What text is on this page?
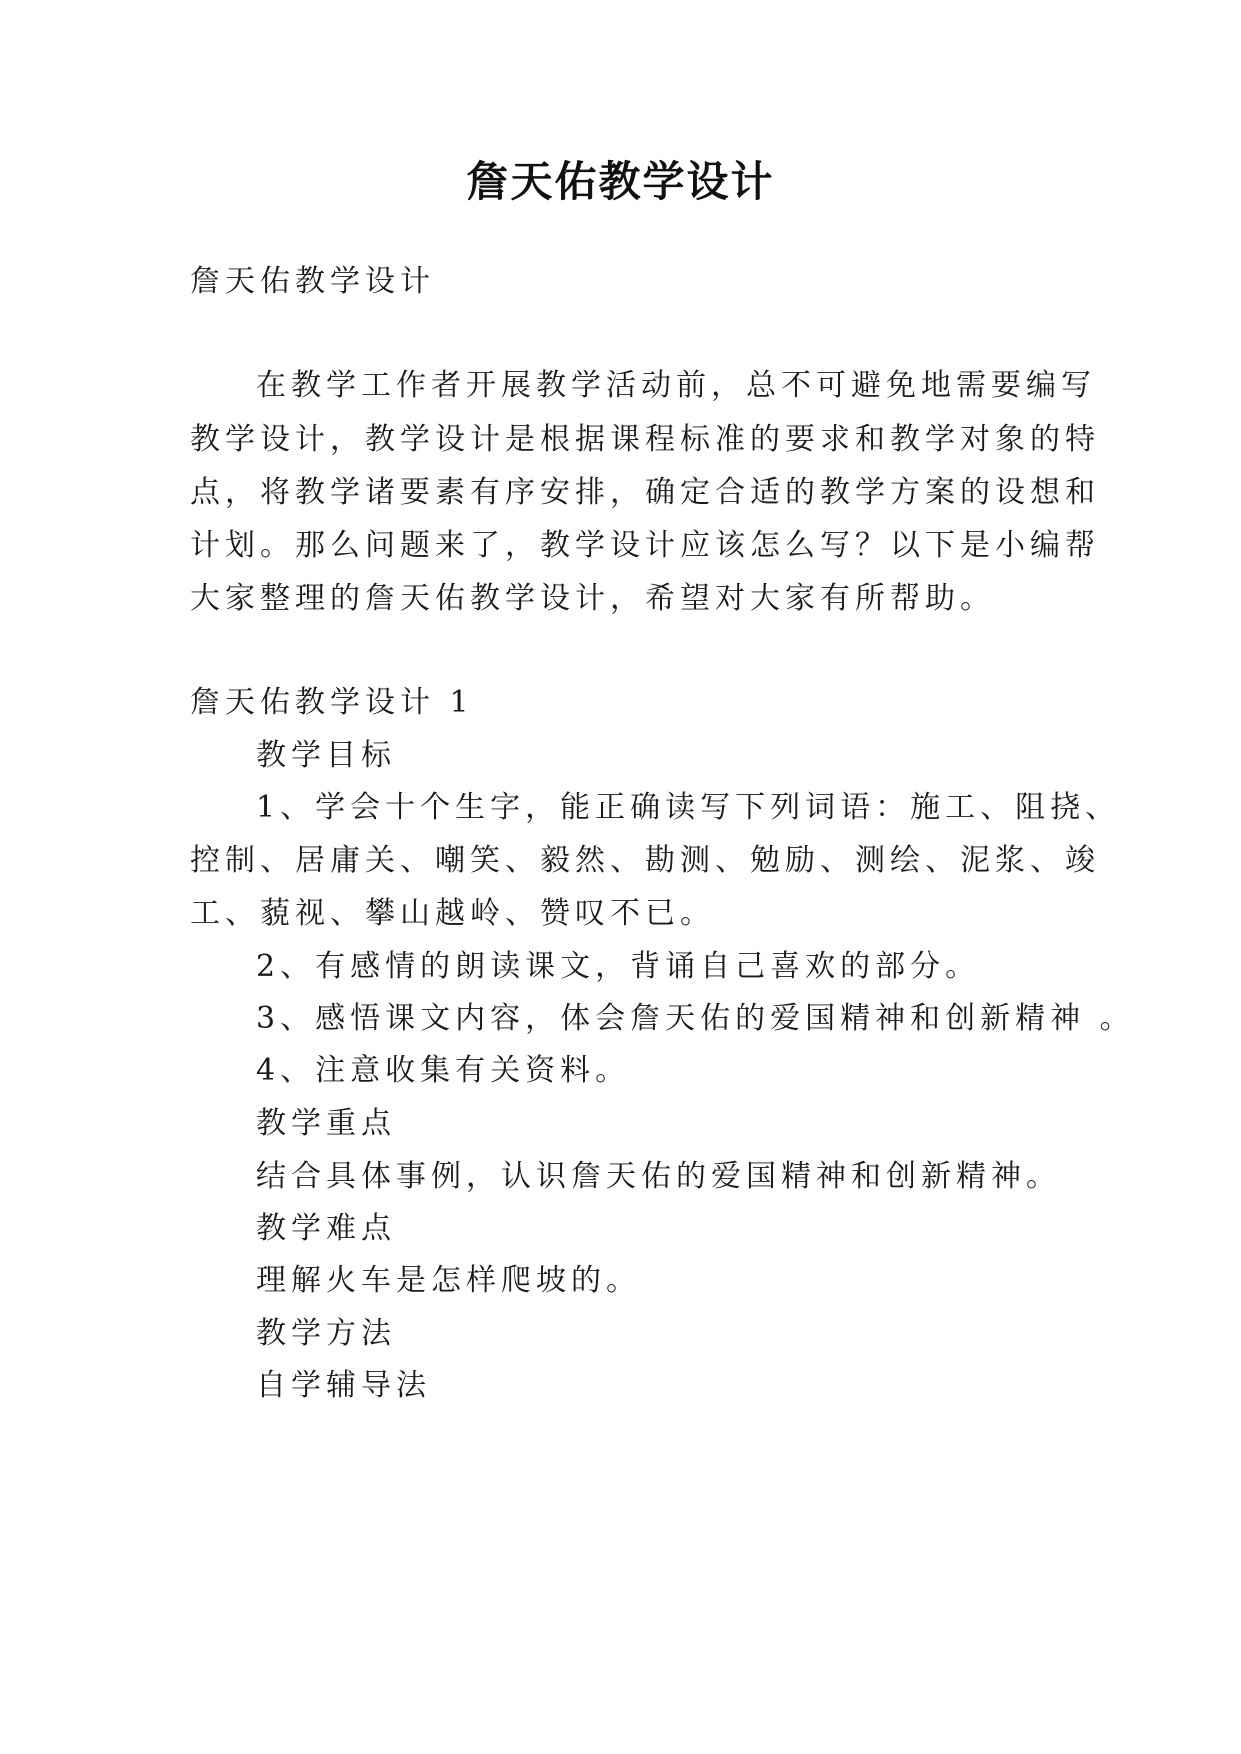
詹天佑教学设计

詹天佑教学设计

在教学工作者开展教学活动前，总不可避免地需要编写

教学设计，教学设计是根据课程标准的要求和教学对象的特

点，将教学诸要素有序安排，确定合适的教学方案的设想和

计划。那么问题来了，教学设计应该怎么写？以下是小编帮

大家整理的詹天佑教学设计，希望对大家有所帮助。

詹天佑教学设计 1

教学目标

1、学会十个生字，能正确读写下列词语：施工、阻挠、

控制、居庸关、嘲笑、毅然、勘测、勉励、测绘、泥浆、竣

工、藐视、攀山越岭、赞叹不已。

2、有感情的朗读课文，背诵自己喜欢的部分。

3、感悟课文内容，体会詹天佑的爱国精神和创新精神 。

4、注意收集有关资料。

教学重点

结合具体事例，认识詹天佑的爱国精神和创新精神。

教学难点

理解火车是怎样爬坡的。

教学方法

自学辅导法
